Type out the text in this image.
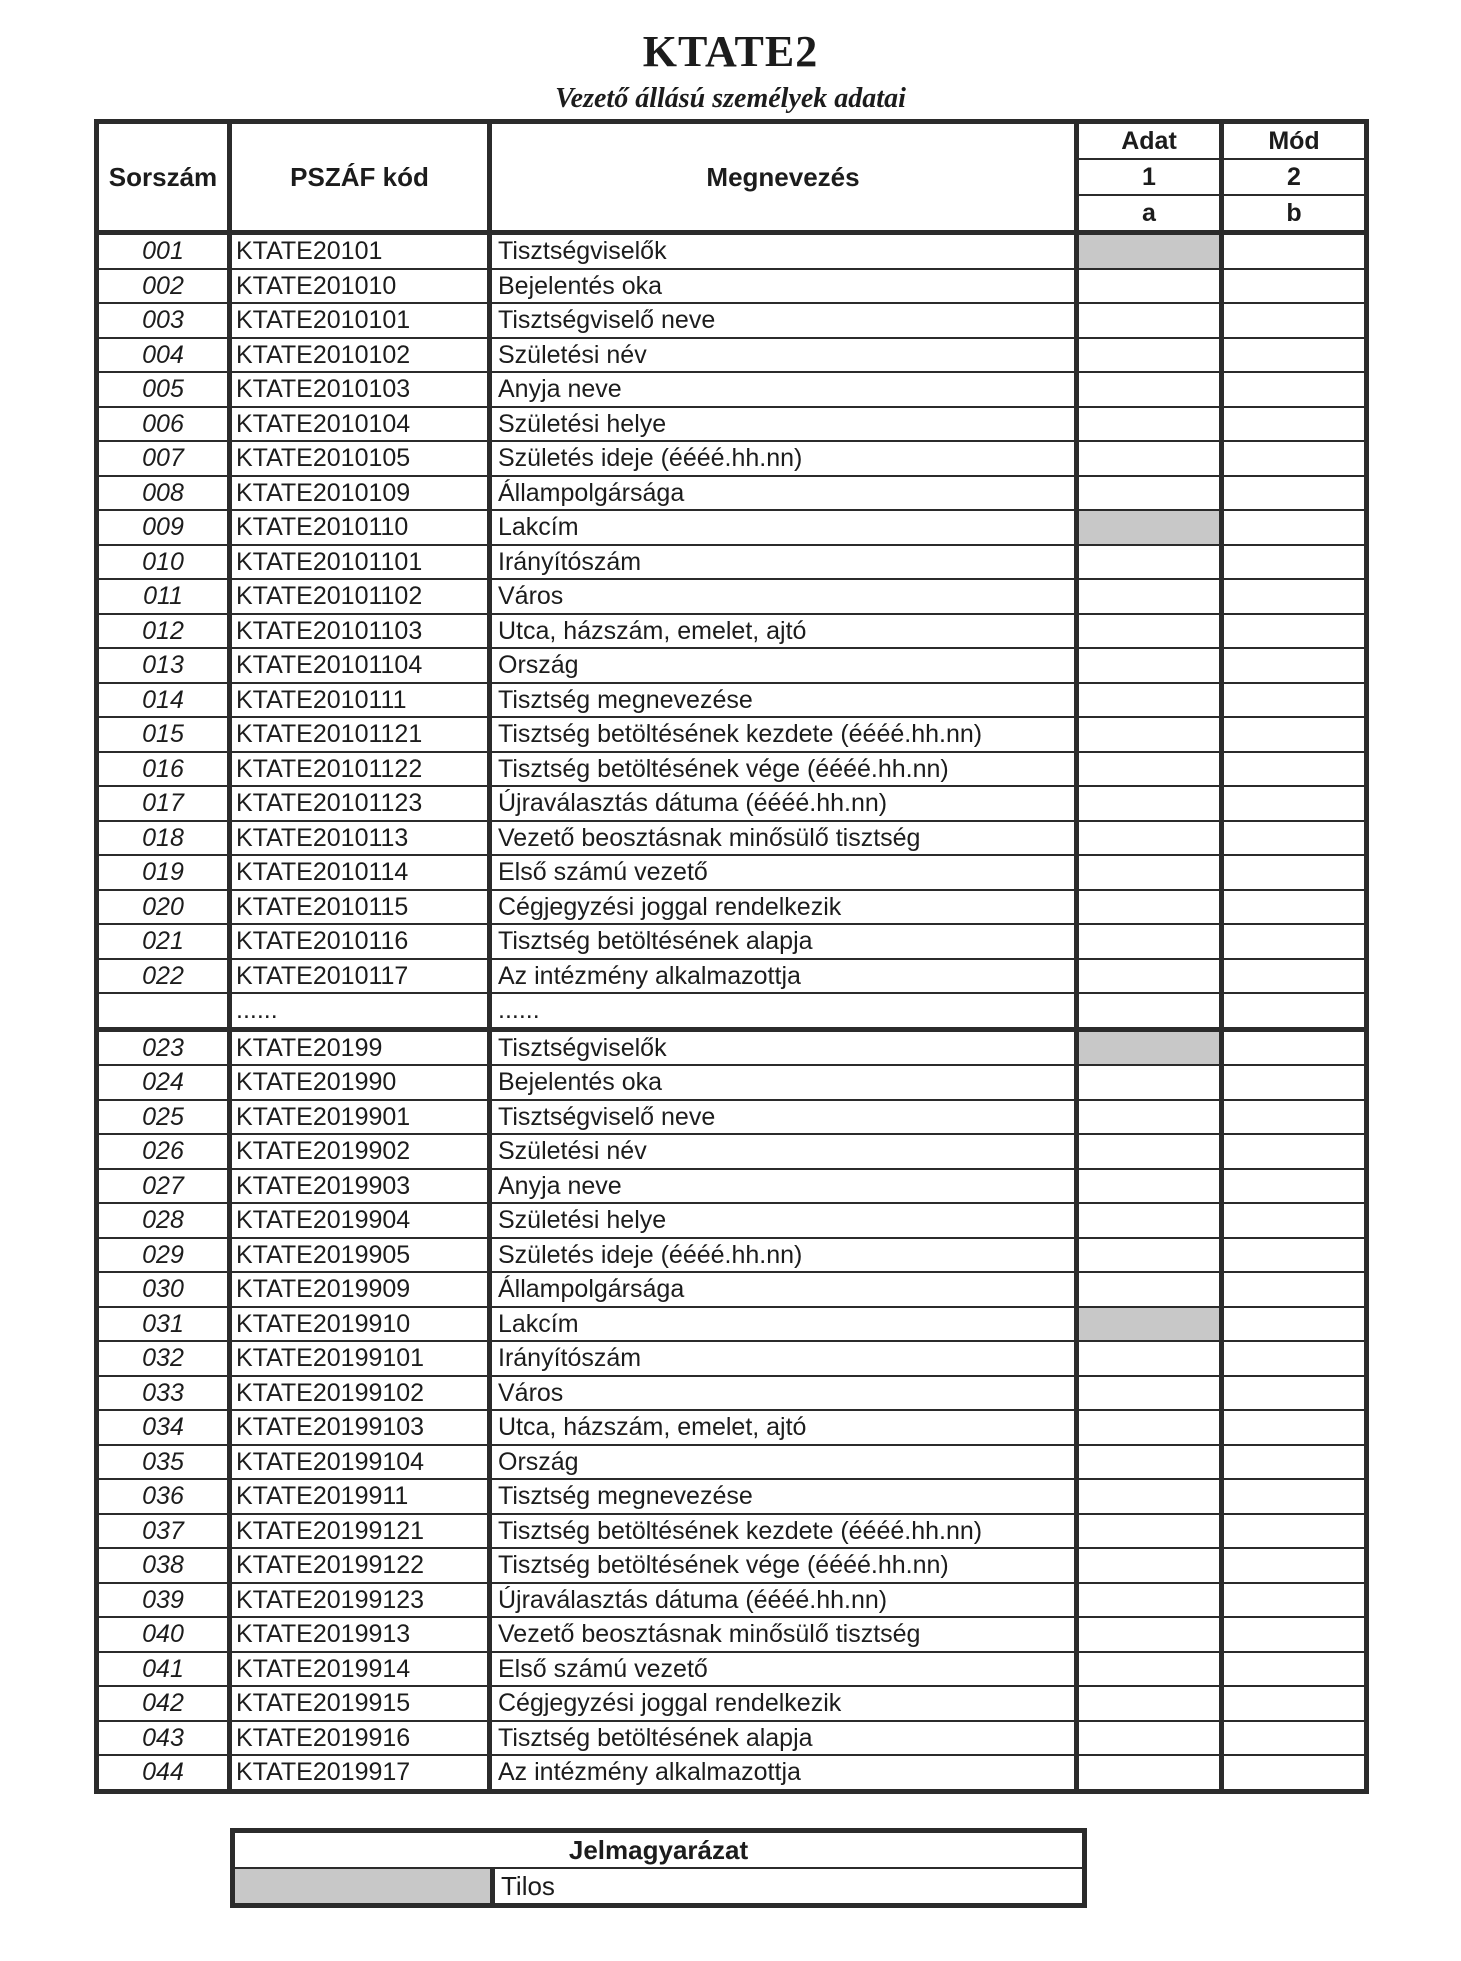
KTATE2
Vezető állású személyek adatai
Sorszám	PSZÁF kód	Megnevezés	Adat	Mód
			1	2
			a	b
001	KTATE20101	Tisztségviselők		
002	KTATE201010	Bejelentés oka		
003	KTATE2010101	Tisztségviselő neve		
004	KTATE2010102	Születési név		
005	KTATE2010103	Anyja neve		
006	KTATE2010104	Születési helye		
007	KTATE2010105	Születés ideje (éééé.hh.nn)		
008	KTATE2010109	Állampolgársága		
009	KTATE2010110	Lakcím		
010	KTATE20101101	Irányítószám		
011	KTATE20101102	Város		
012	KTATE20101103	Utca, házszám, emelet, ajtó		
013	KTATE20101104	Ország		
014	KTATE2010111	Tisztség megnevezése		
015	KTATE20101121	Tisztség betöltésének kezdete (éééé.hh.nn)		
016	KTATE20101122	Tisztség betöltésének vége (éééé.hh.nn)		
017	KTATE20101123	Újraválasztás dátuma (éééé.hh.nn)		
018	KTATE2010113	Vezető beosztásnak minősülő tisztség		
019	KTATE2010114	Első számú vezető		
020	KTATE2010115	Cégjegyzési joggal rendelkezik		
021	KTATE2010116	Tisztség betöltésének alapja		
022	KTATE2010117	Az intézmény alkalmazottja		
	......	......		
023	KTATE20199	Tisztségviselők		
024	KTATE201990	Bejelentés oka		
025	KTATE2019901	Tisztségviselő neve		
026	KTATE2019902	Születési név		
027	KTATE2019903	Anyja neve		
028	KTATE2019904	Születési helye		
029	KTATE2019905	Születés ideje (éééé.hh.nn)		
030	KTATE2019909	Állampolgársága		
031	KTATE2019910	Lakcím		
032	KTATE20199101	Irányítószám		
033	KTATE20199102	Város		
034	KTATE20199103	Utca, házszám, emelet, ajtó		
035	KTATE20199104	Ország		
036	KTATE2019911	Tisztség megnevezése		
037	KTATE20199121	Tisztség betöltésének kezdete (éééé.hh.nn)		
038	KTATE20199122	Tisztség betöltésének vége (éééé.hh.nn)		
039	KTATE20199123	Újraválasztás dátuma (éééé.hh.nn)		
040	KTATE2019913	Vezető beosztásnak minősülő tisztség		
041	KTATE2019914	Első számú vezető		
042	KTATE2019915	Cégjegyzési joggal rendelkezik		
043	KTATE2019916	Tisztség betöltésének alapja		
044	KTATE2019917	Az intézmény alkalmazottja		
Jelmagyarázat
	Tilos
